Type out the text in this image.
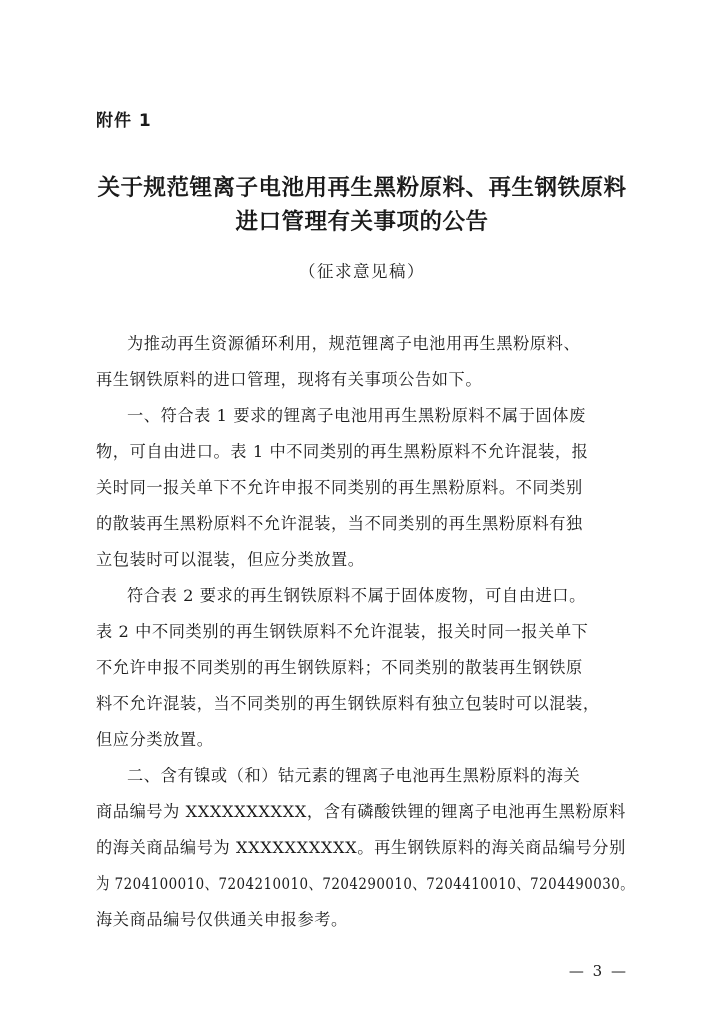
附件 1
关于规范锂离子电池用再生黑粉原料、再生钢铁原料
进口管理有关事项的公告
（征求意见稿）
为推动再生资源循环利用，规范锂离子电池用再生黑粉原料、
再生钢铁原料的进口管理，现将有关事项公告如下。
一、符合表 1 要求的锂离子电池用再生黑粉原料不属于固体废
物，可自由进口。表 1 中不同类别的再生黑粉原料不允许混装，报
关时同一报关单下不允许申报不同类别的再生黑粉原料。不同类别
的散装再生黑粉原料不允许混装，当不同类别的再生黑粉原料有独
立包装时可以混装，但应分类放置。
符合表 2 要求的再生钢铁原料不属于固体废物，可自由进口。
表 2 中不同类别的再生钢铁原料不允许混装，报关时同一报关单下
不允许申报不同类别的再生钢铁原料；不同类别的散装再生钢铁原
料不允许混装，当不同类别的再生钢铁原料有独立包装时可以混装，
但应分类放置。
二、含有镍或（和）钴元素的锂离子电池再生黑粉原料的海关
商品编号为 XXXXXXXXXX，含有磷酸铁锂的锂离子电池再生黑粉原料
的海关商品编号为 XXXXXXXXXX。再生钢铁原料的海关商品编号分别
为 7204100010、7204210010、7204290010、7204410010、7204490030。
海关商品编号仅供通关申报参考。
— 3 —
